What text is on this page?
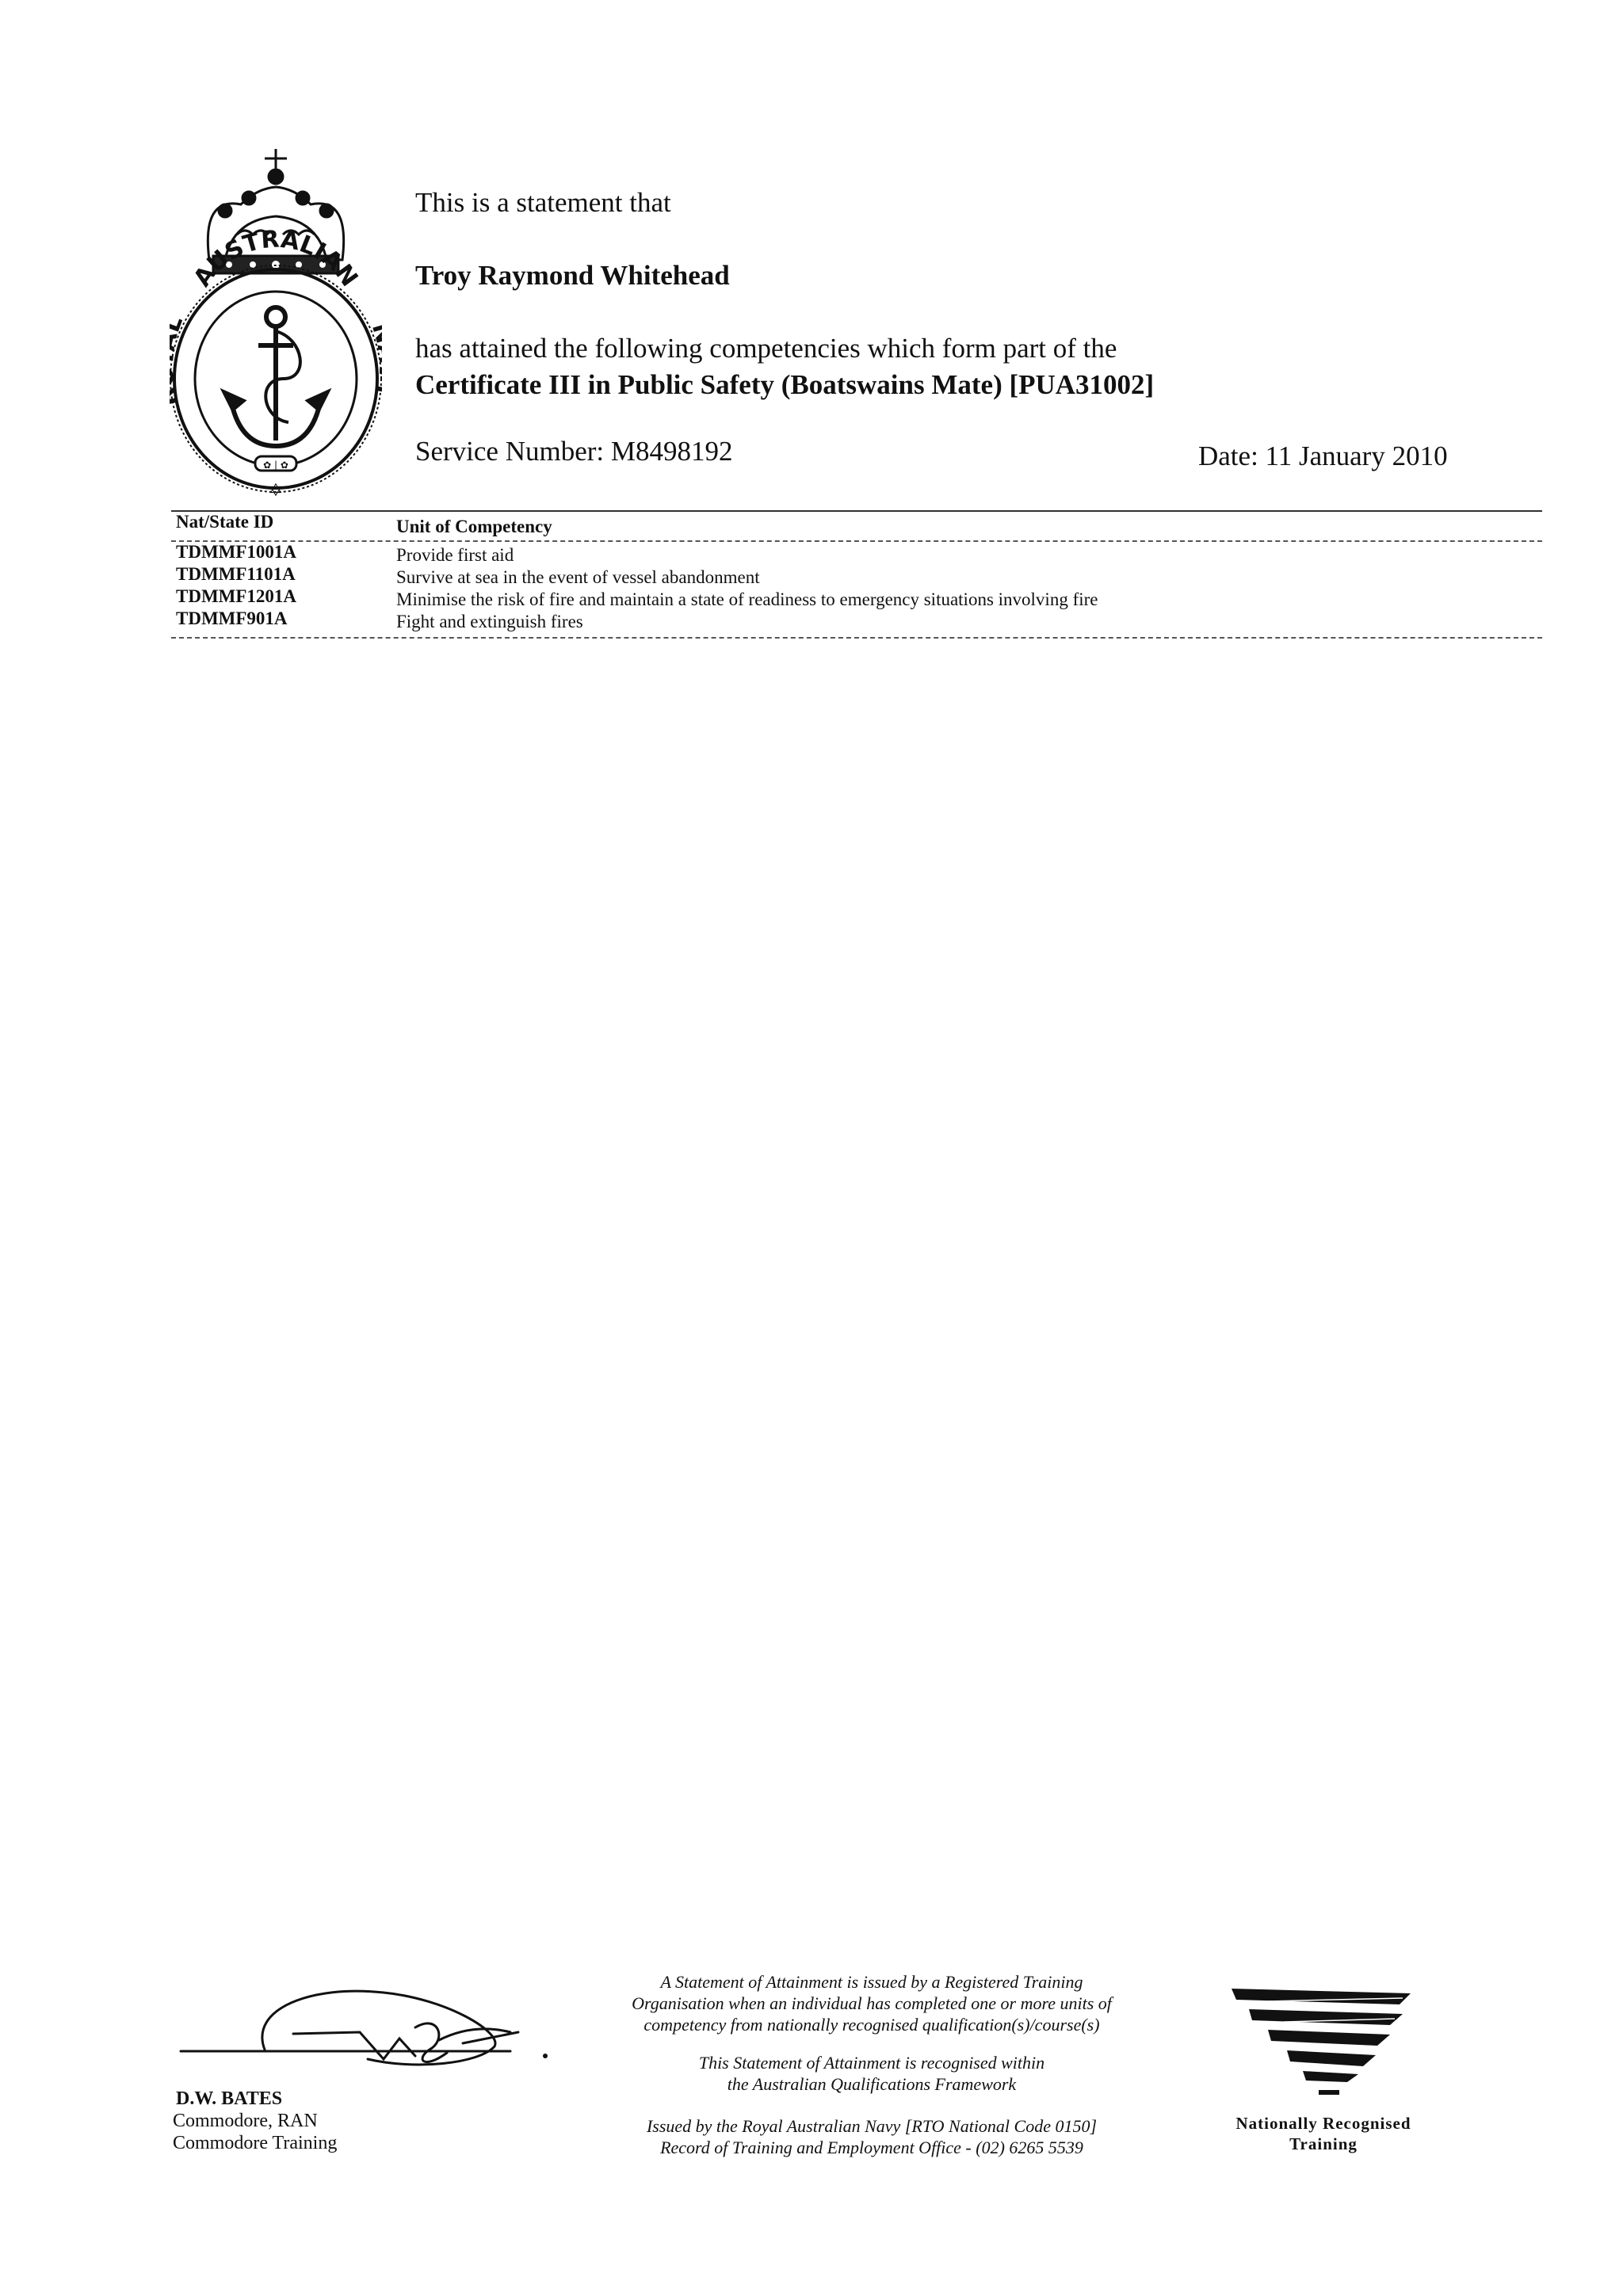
AUSTRALIAN
✿ | ✿
✡
This is a statement that
Troy Raymond Whitehead
has attained the following competencies which form part of the
Certificate III in Public Safety (Boatswains Mate) [PUA31002]
Service Number: M8498192	Date: 11 January 2010
Nat/State ID	Unit of Competency
TDMMF1001A	Provide first aid
TDMMF1101A	Survive at sea in the event of vessel abandonment
TDMMF1201A	Minimise the risk of fire and maintain a state of readiness to emergency situations involving fire
TDMMF901A	Fight and extinguish fires
D.W. BATES
Commodore, RAN
Commodore Training
A Statement of Attainment is issued by a Registered Training
Organisation when an individual has completed one or more units of
competency from nationally recognised qualification(s)/course(s)
This Statement of Attainment is recognised within
the Australian Qualifications Framework
Issued by the Royal Australian Navy [RTO National Code 0150]
Record of Training and Employment Office - (02) 6265 5539
Nationally Recognised
Training
